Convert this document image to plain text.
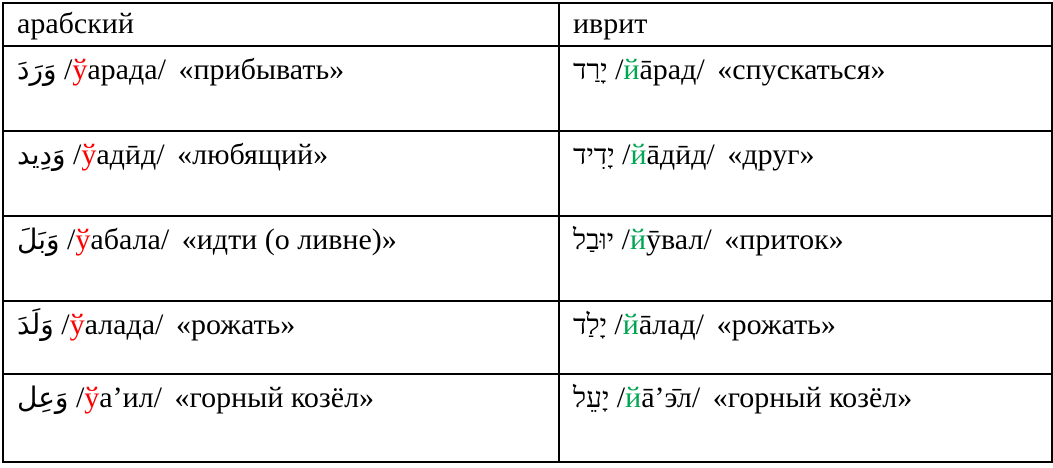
арабский	иврит
وَرَدَ /ўарада/ «прибывать»	יָרַד /йāрад/ «спускаться»
وَدِيد /ўадӣд/ «любящий»	יָדִיד /йāдӣд/ «друг»
وَبَلَ /ўабала/ «идти (о ливне)»	יוּבַל /йӯвал/ «приток»
وَلَدَ /ўалада/ «рожать»	יָלַד /йāлад/ «рожать»
وَعِل /ўа’ил/ «горный козёл»	יָעֵל /йā’э̄л/ «горный козёл»
